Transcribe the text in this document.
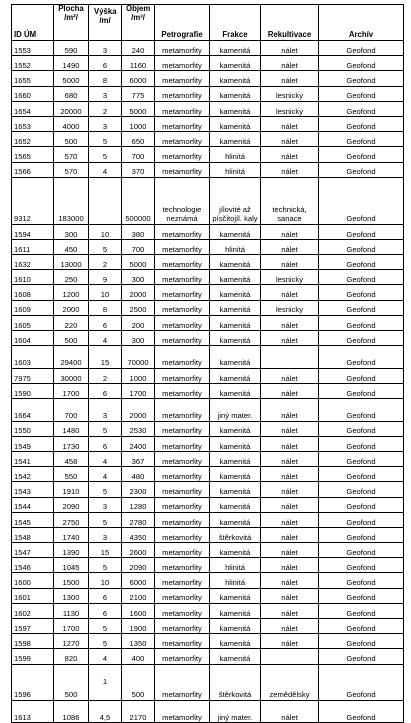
ID ÚM	Plocha /m²/	Výška /m/	Objem /m³/	Petrografie	Frakce	Rekultivace	Archív
1553	590	3	240	metamorfity	kamenitá	nálet	Geofond
1552	1490	6	1160	metamorfity	kamenitá	nálet	Geofond
1655	5000	8	6000	metamorfity	kamenitá	nálet	Geofond
1660	680	3	775	metamorfity	kamenitá	lesnicky	Geofond
1654	20000	2	5000	metamorfity	kamenitá	lesnicky	Geofond
1653	4000	3	1000	metamorfity	kamenitá	nálet	Geofond
1652	500	5	650	metamorfity	kamenitá	nálet	Geofond
1565	570	5	700	metamorfity	hlinitá	nálet	Geofond
1566	570	4	370	metamorfity	hlinitá	nálet	Geofond
9312	183000		500000	technologie neznámá	jílovité až písčitojíl. kaly	technická, sanace	Geofond
1594	300	10	380	metamorfity	kamenitá	nálet	Geofond
1611	450	5	700	metamorfity	hlinitá	nálet	Geofond
1632	13000	2	5000	metamorfity	kamenitá	nálet	Geofond
1610	250	9	300	metamorfity	kamenitá	lesnicky	Geofond
1608	1200	10	2000	metamorfity	kamenitá	nálet	Geofond
1609	2000	8	2500	metamorfity	kamenitá	lesnicky	Geofond
1605	220	6	200	metamorfity	kamenitá	nálet	Geofond
1604	500	4	300	metamorfity	kamenitá	nálet	Geofond
1603	29400	15	70000	metamorfity	kamenitá		Geofond
7975	30000	2	1000	metamorfity	kamenitá	nálet	Geofond
1590	1700	6	1700	metamorfity	kamenitá	nálet	Geofond
1664	700	3	2000	metamorfity	jiný mater.	nálet	Geofond
1550	1480	5	2530	metamorfity	kamenitá	nálet	Geofond
1549	1730	6	2400	metamorfity	kamenitá	nálet	Geofond
1541	458	4	367	metamorfity	kamenitá	nálet	Geofond
1542	550	4	480	metamorfity	kamenitá	nálet	Geofond
1543	1910	5	2300	metamorfity	kamenitá	nálet	Geofond
1544	2090	3	1280	metamorfity	kamenitá	nálet	Geofond
1545	2750	5	2780	metamorfity	kamenitá	nálet	Geofond
1548	1740	3	4350	metamorfity	štěrkovitá	nálet	Geofond
1547	1390	15	2600	metamorfity	kamenitá	nálet	Geofond
1546	1045	5	2090	metamorfity	hlinitá	nálet	Geofond
1600	1500	10	6000	metamorfity	hlinitá	nálet	Geofond
1601	1300	6	2100	metamorfity	kamenitá	nálet	Geofond
1602	1130	6	1600	metamorfity	kamenitá	nálet	Geofond
1597	1700	5	1900	metamorfity	kamenitá	nálet	Geofond
1598	1270	5	1350	metamorfity	kamenitá	nálet	Geofond
1599	820	4	400	metamorfity	kamenitá		Geofond
1596	500	1	500	metamorfity	štěrkovitá	zemědělsky	Geofond
1613	1086	4,5	2170	metamorfity	jiný mater.	nálet	Geofond
